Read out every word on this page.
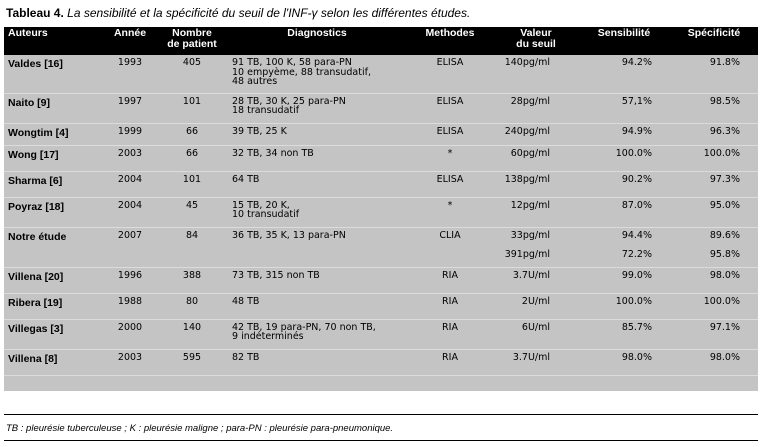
Tableau 4. La sensibilité et la spécificité du seuil de l'INF-γ selon les différentes études.
Auteurs	Année	Nombre
de patient	Diagnostics	Methodes	Valeur
du seuil	Sensibilité	Spécificité
Valdes [16]	1993	405	91 TB, 100 K, 58 para-PN
10 empyème, 88 transudatif,
48 autres	ELISA	140pg/ml	94.2%	91.8%
Naito [9]	1997	101	28 TB, 30 K, 25 para-PN
18 transudatif	ELISA	28pg/ml	57,1%	98.5%
Wongtim [4]	1999	66	39 TB, 25 K	ELISA	240pg/ml	94.9%	96.3%
Wong [17]	2003	66	32 TB, 34 non TB	*	60pg/ml	100.0%	100.0%
Sharma [6]	2004	101	64 TB	ELISA	138pg/ml	90.2%	97.3%
Poyraz [18]	2004	45	15 TB, 20 K,
10 transudatif	*	12pg/ml	87.0%	95.0%
Notre étude	2007	84	36 TB, 35 K, 13 para-PN	CLIA	33pg/ml	94.4%	89.6%
					391pg/ml	72.2%	95.8%
Villena [20]	1996	388	73 TB, 315 non TB	RIA	3.7U/ml	99.0%	98.0%
Ribera [19]	1988	80	48 TB	RIA	2U/ml	100.0%	100.0%
Villegas [3]	2000	140	42 TB, 19 para-PN, 70 non TB,
9 indéterminés	RIA	6U/ml	85.7%	97.1%
Villena [8]	2003	595	82 TB	RIA	3.7U/ml	98.0%	98.0%
TB : pleurésie tuberculeuse ; K : pleurésie maligne ; para-PN : pleurésie para-pneumonique.
